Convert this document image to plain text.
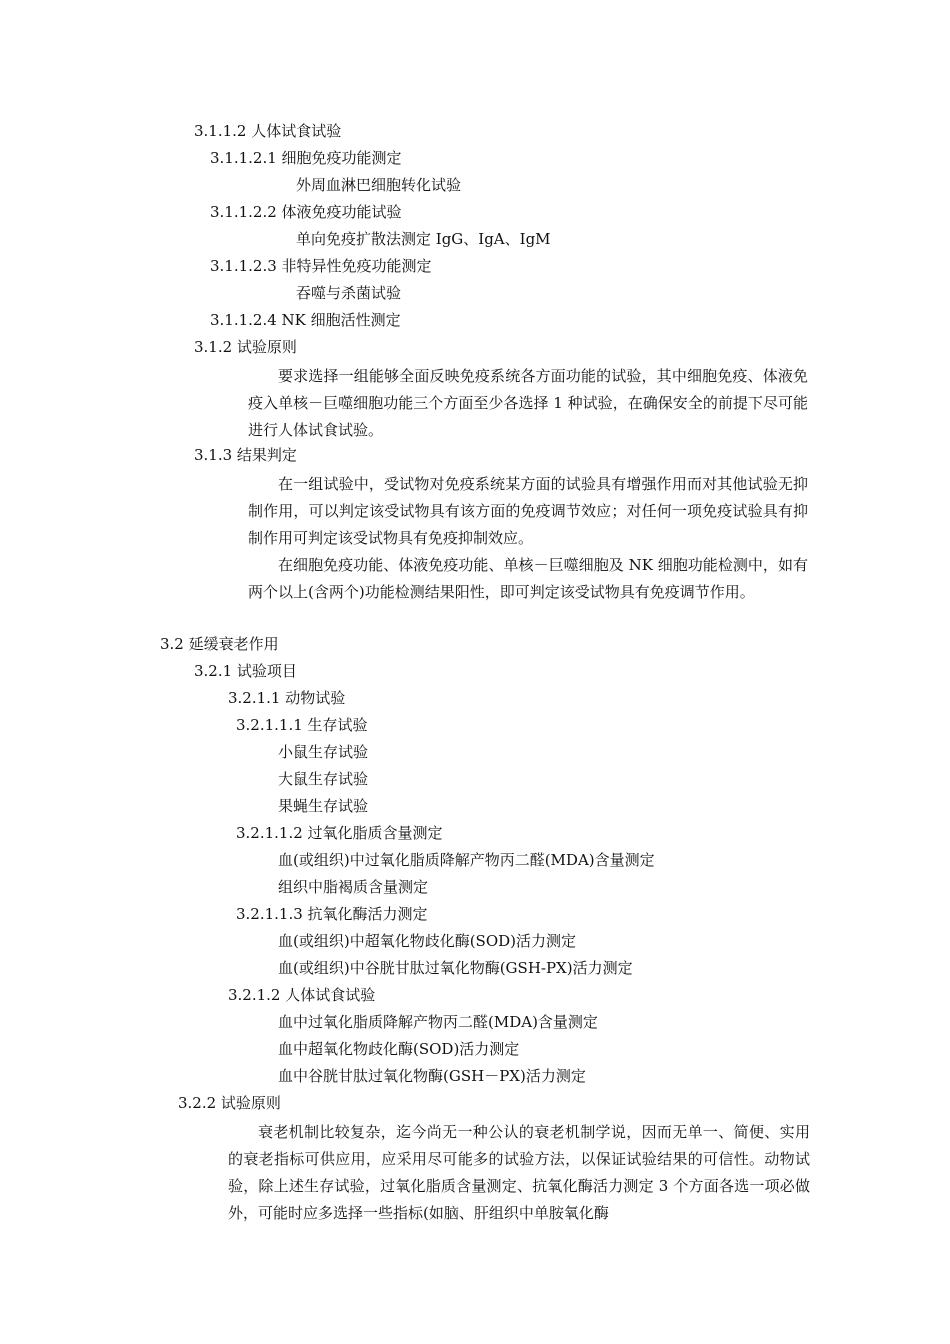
3.1.1.2 人体试食试验

3.1.1.2.1 细胞免疫功能测定

外周血淋巴细胞转化试验

3.1.1.2.2 体液免疫功能试验

单向免疫扩散法测定 IgG、IgA、IgM

3.1.1.2.3 非特异性免疫功能测定

吞噬与杀菌试验

3.1.1.2.4 NK 细胞活性测定

3.1.2 试验原则

要求选择一组能够全面反映免疫系统各方面功能的试验，其中细胞免疫、体液免疫入单核－巨噬细胞功能三个方面至少各选择 1 种试验，在确保安全的前提下尽可能进行人体试食试验。

3.1.3 结果判定

在一组试验中，受试物对免疫系统某方面的试验具有增强作用而对其他试验无抑制作用，可以判定该受试物具有该方面的免疫调节效应；对任何一项免疫试验具有抑制作用可判定该受试物具有免疫抑制效应。

在细胞免疫功能、体液免疫功能、单核－巨噬细胞及 NK 细胞功能检测中，如有两个以上(含两个)功能检测结果阳性，即可判定该受试物具有免疫调节作用。

3.2 延缓衰老作用

3.2.1 试验项目

3.2.1.1 动物试验

3.2.1.1.1 生存试验

小鼠生存试验

大鼠生存试验

果蝇生存试验

3.2.1.1.2 过氧化脂质含量测定

血(或组织)中过氧化脂质降解产物丙二醛(MDA)含量测定

组织中脂褐质含量测定

3.2.1.1.3 抗氧化酶活力测定

血(或组织)中超氧化物歧化酶(SOD)活力测定

血(或组织)中谷胱甘肽过氧化物酶(GSH-PX)活力测定

3.2.1.2 人体试食试验

血中过氧化脂质降解产物丙二醛(MDA)含量测定

血中超氧化物歧化酶(SOD)活力测定

血中谷胱甘肽过氧化物酶(GSH－PX)活力测定

3.2.2 试验原则

衰老机制比较复杂，迄今尚无一种公认的衰老机制学说，因而无单一、简便、实用的衰老指标可供应用，应采用尽可能多的试验方法，以保证试验结果的可信性。动物试验，除上述生存试验，过氧化脂质含量测定、抗氧化酶活力测定 3 个方面各选一项必做外，可能时应多选择一些指标(如脑、肝组织中单胺氧化酶
